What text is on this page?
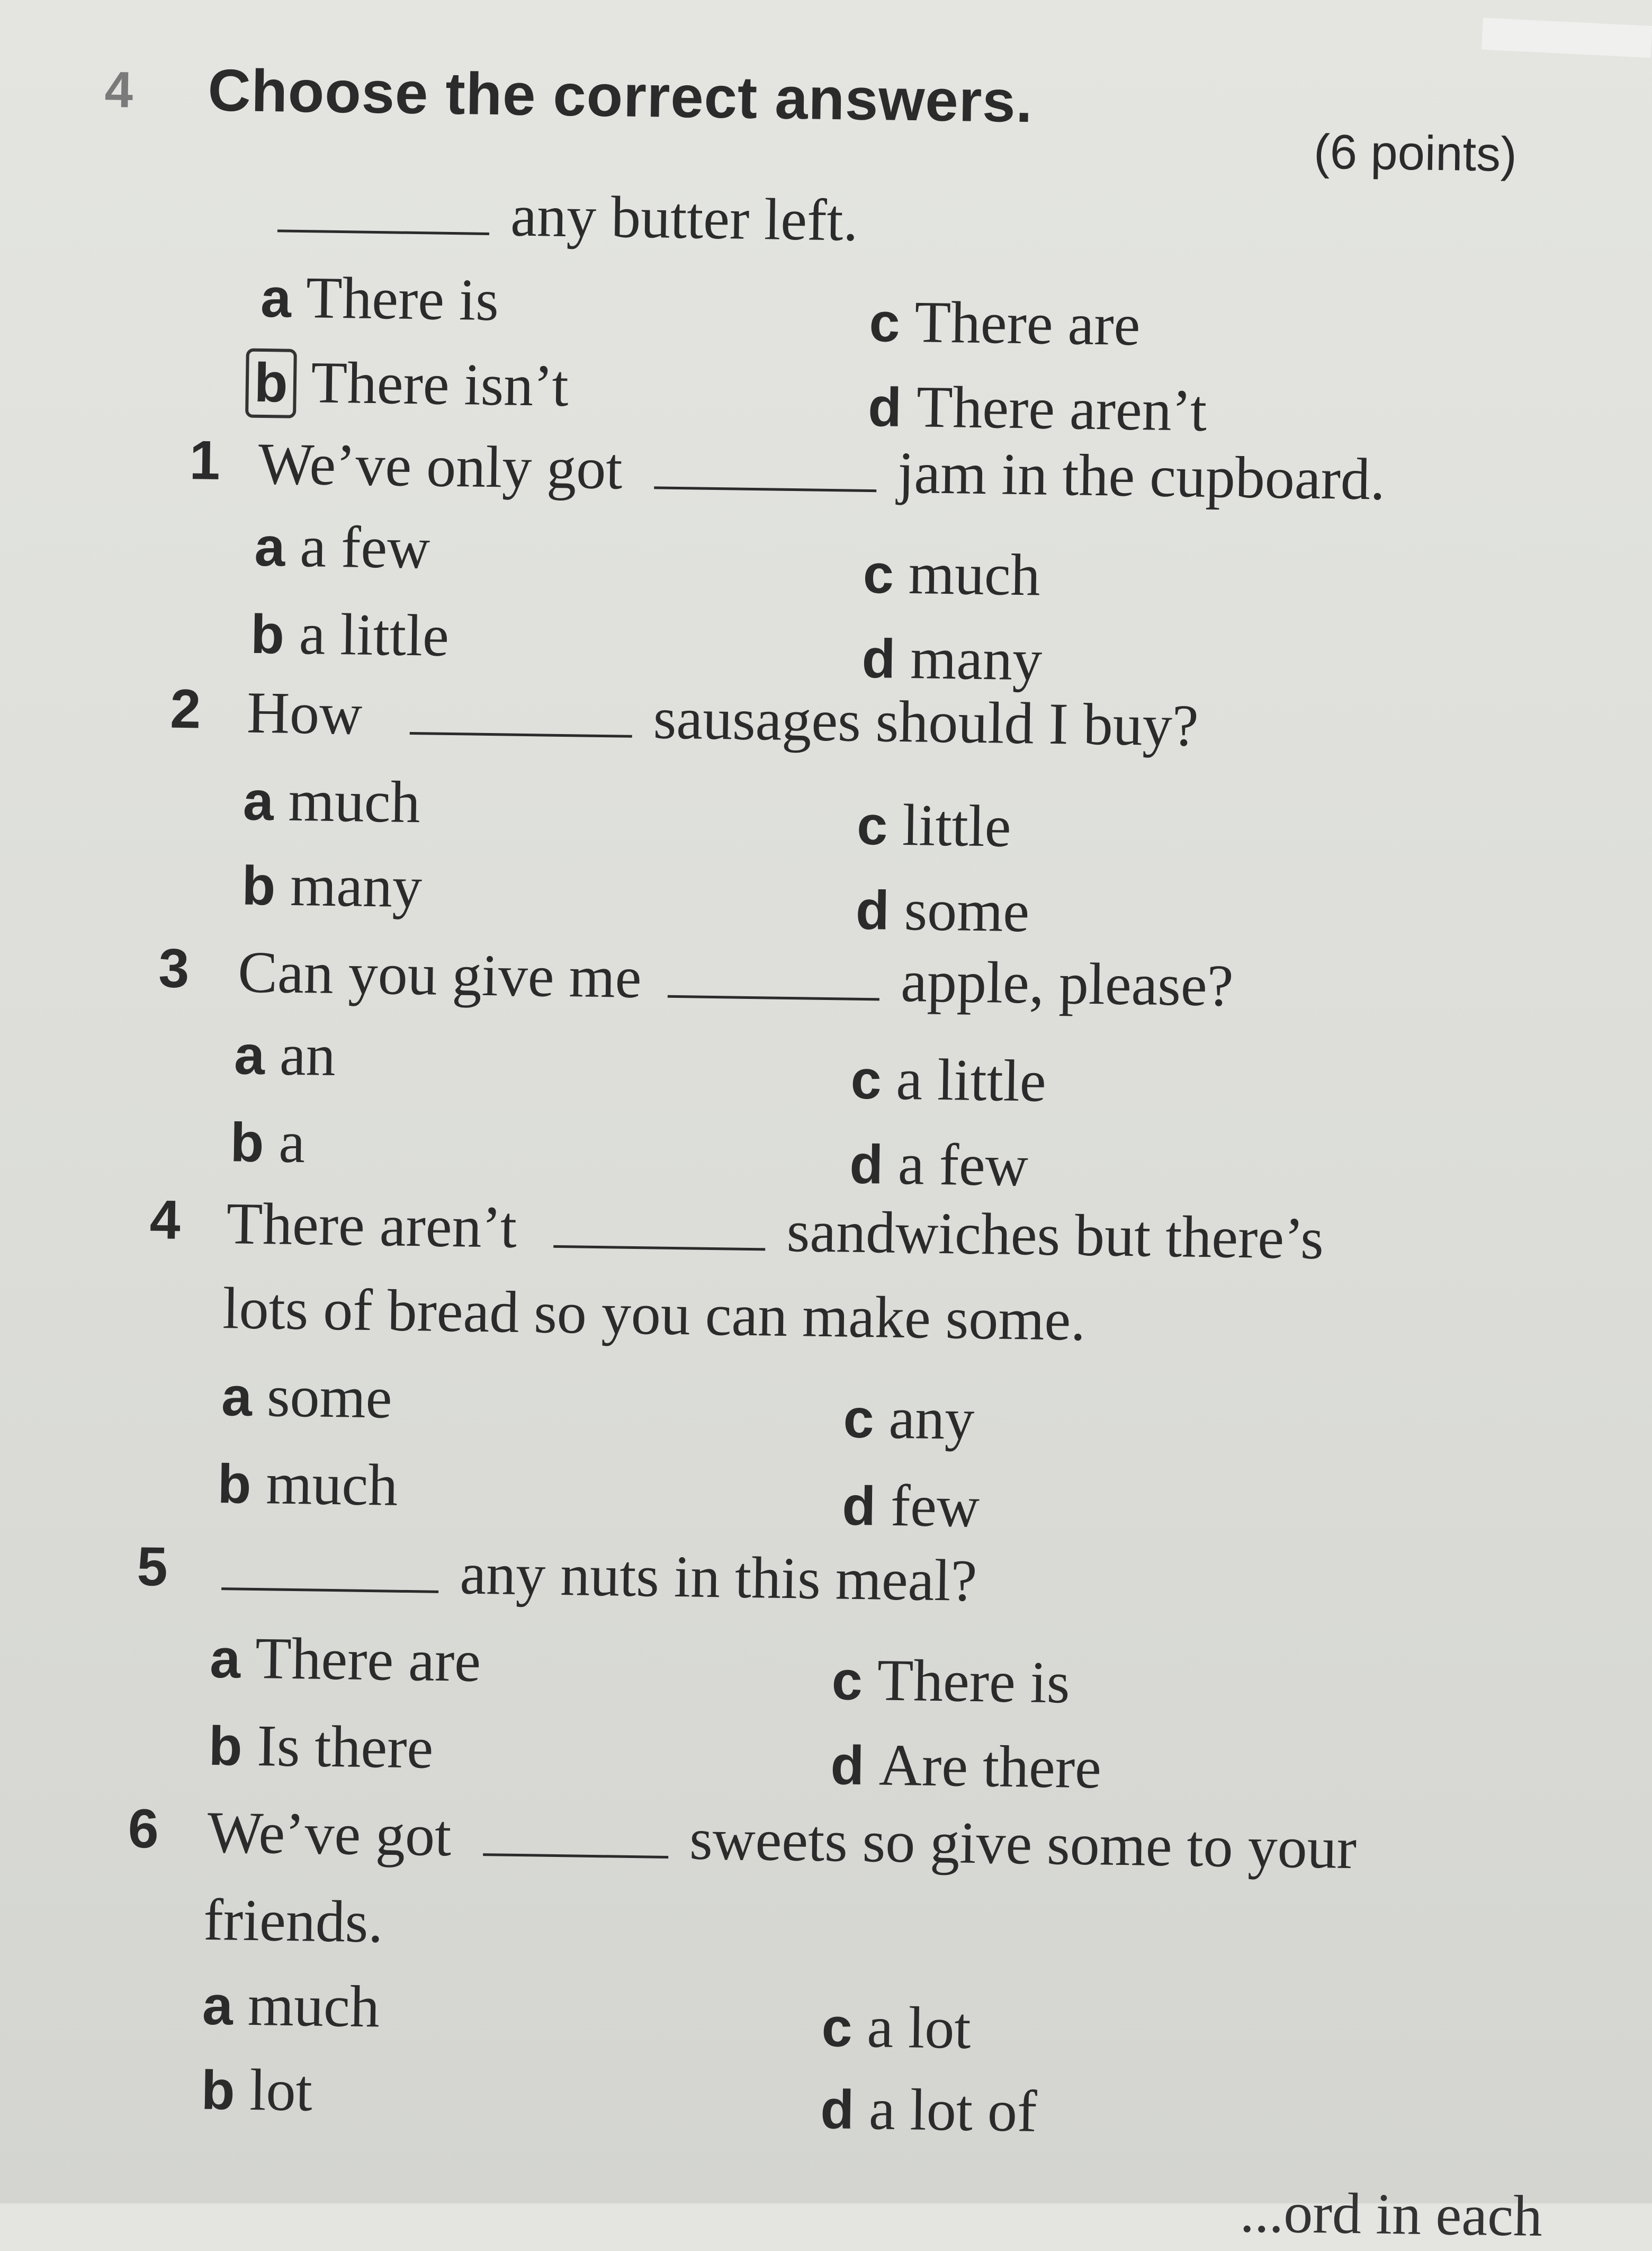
4 Choose the correct answers.
(6 points)
any butter left.
a There is	c There are
b There isn’t	d There aren’t
1 We’ve only got	jam in the cupboard.
a a few	c much
b a little	d many
2 How	sausages should I buy?
a much	c little
b many	d some
3 Can you give me	apple, please?
a an	c a little
b a	d a few
4 There aren’t	sandwiches but there’s
lots of bread so you can make some.
a some	c any
b much	d few
5	any nuts in this meal?
a There are	c There is
b Is there	d Are there
6 We’ve got	sweets so give some to your
friends.
a much	c a lot
b lot	d a lot of
...ord in each
